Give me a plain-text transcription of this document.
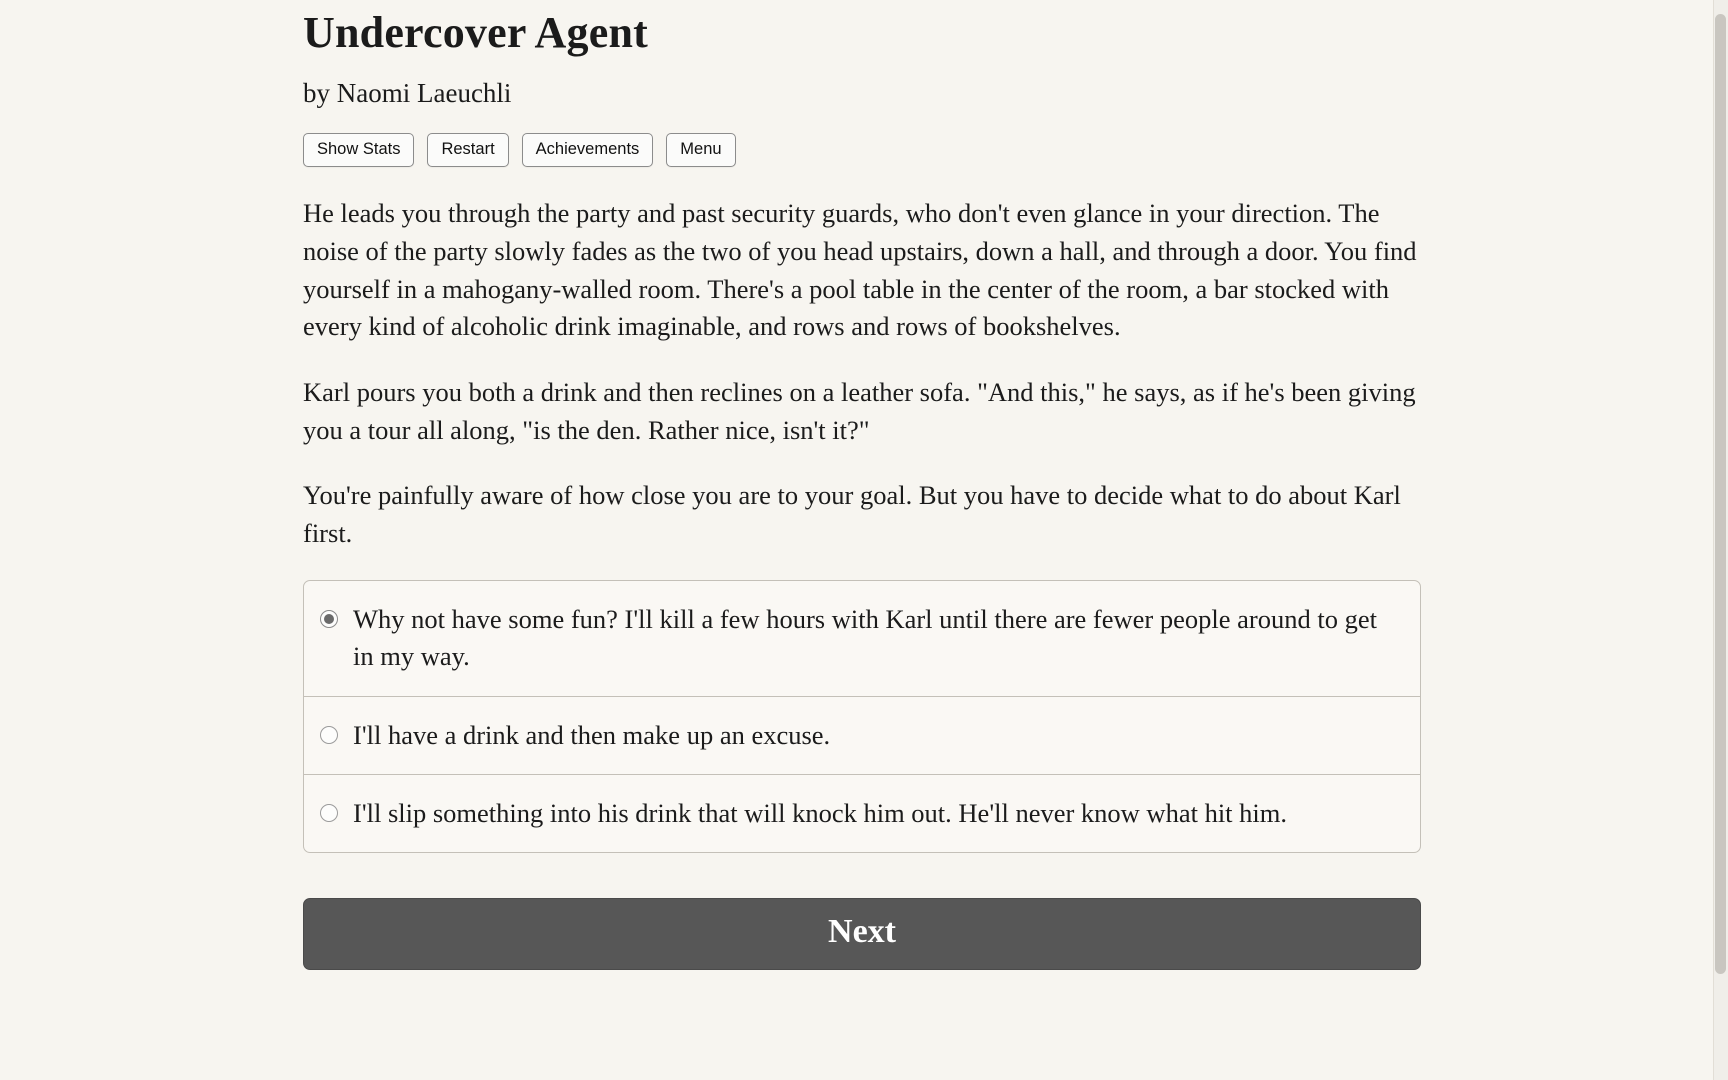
Undercover Agent
by Naomi Laeuchli
Show Stats	Restart	Achievements	Menu

He leads you through the party and past security guards, who don't even glance in your direction. The noise of the party slowly fades as the two of you head upstairs, down a hall, and through a door. You find yourself in a mahogany-walled room. There's a pool table in the center of the room, a bar stocked with every kind of alcoholic drink imaginable, and rows and rows of bookshelves.

Karl pours you both a drink and then reclines on a leather sofa. "And this," he says, as if he's been giving you a tour all along, "is the den. Rather nice, isn't it?"

You're painfully aware of how close you are to your goal. But you have to decide what to do about Karl first.

Why not have some fun? I'll kill a few hours with Karl until there are fewer people around to get in my way.
I'll have a drink and then make up an excuse.
I'll slip something into his drink that will knock him out. He'll never know what hit him.
Next
